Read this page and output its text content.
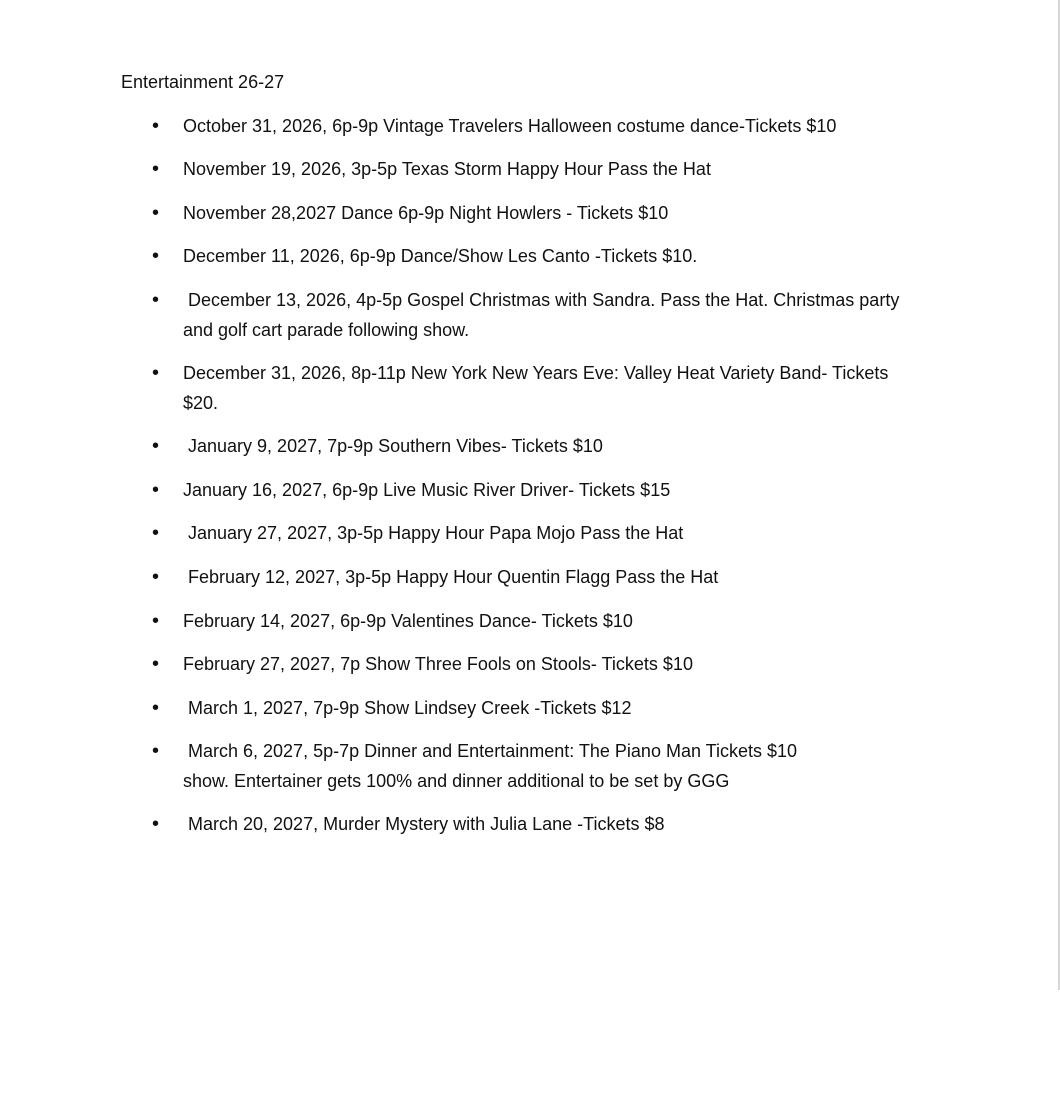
Entertainment 26-27
• October 31, 2026, 6p-9p Vintage Travelers Halloween costume dance-Tickets $10
• November 19, 2026, 3p-5p Texas Storm Happy Hour Pass the Hat
• November 28,2027 Dance 6p-9p Night Howlers - Tickets $10
• December 11, 2026, 6p-9p Dance/Show Les Canto -Tickets $10.
• December 13, 2026, 4p-5p Gospel Christmas with Sandra. Pass the Hat. Christmas party
and golf cart parade following show.
• December 31, 2026, 8p-11p New York New Years Eve: Valley Heat Variety Band- Tickets
$20.
• January 9, 2027, 7p-9p Southern Vibes- Tickets $10
• January 16, 2027, 6p-9p Live Music River Driver- Tickets $15
• January 27, 2027, 3p-5p Happy Hour Papa Mojo Pass the Hat
• February 12, 2027, 3p-5p Happy Hour Quentin Flagg Pass the Hat
• February 14, 2027, 6p-9p Valentines Dance- Tickets $10
• February 27, 2027, 7p Show Three Fools on Stools- Tickets $10
• March 1, 2027, 7p-9p Show Lindsey Creek -Tickets $12
• March 6, 2027, 5p-7p Dinner and Entertainment: The Piano Man Tickets $10
show. Entertainer gets 100% and dinner additional to be set by GGG
• March 20, 2027, Murder Mystery with Julia Lane -Tickets $8
